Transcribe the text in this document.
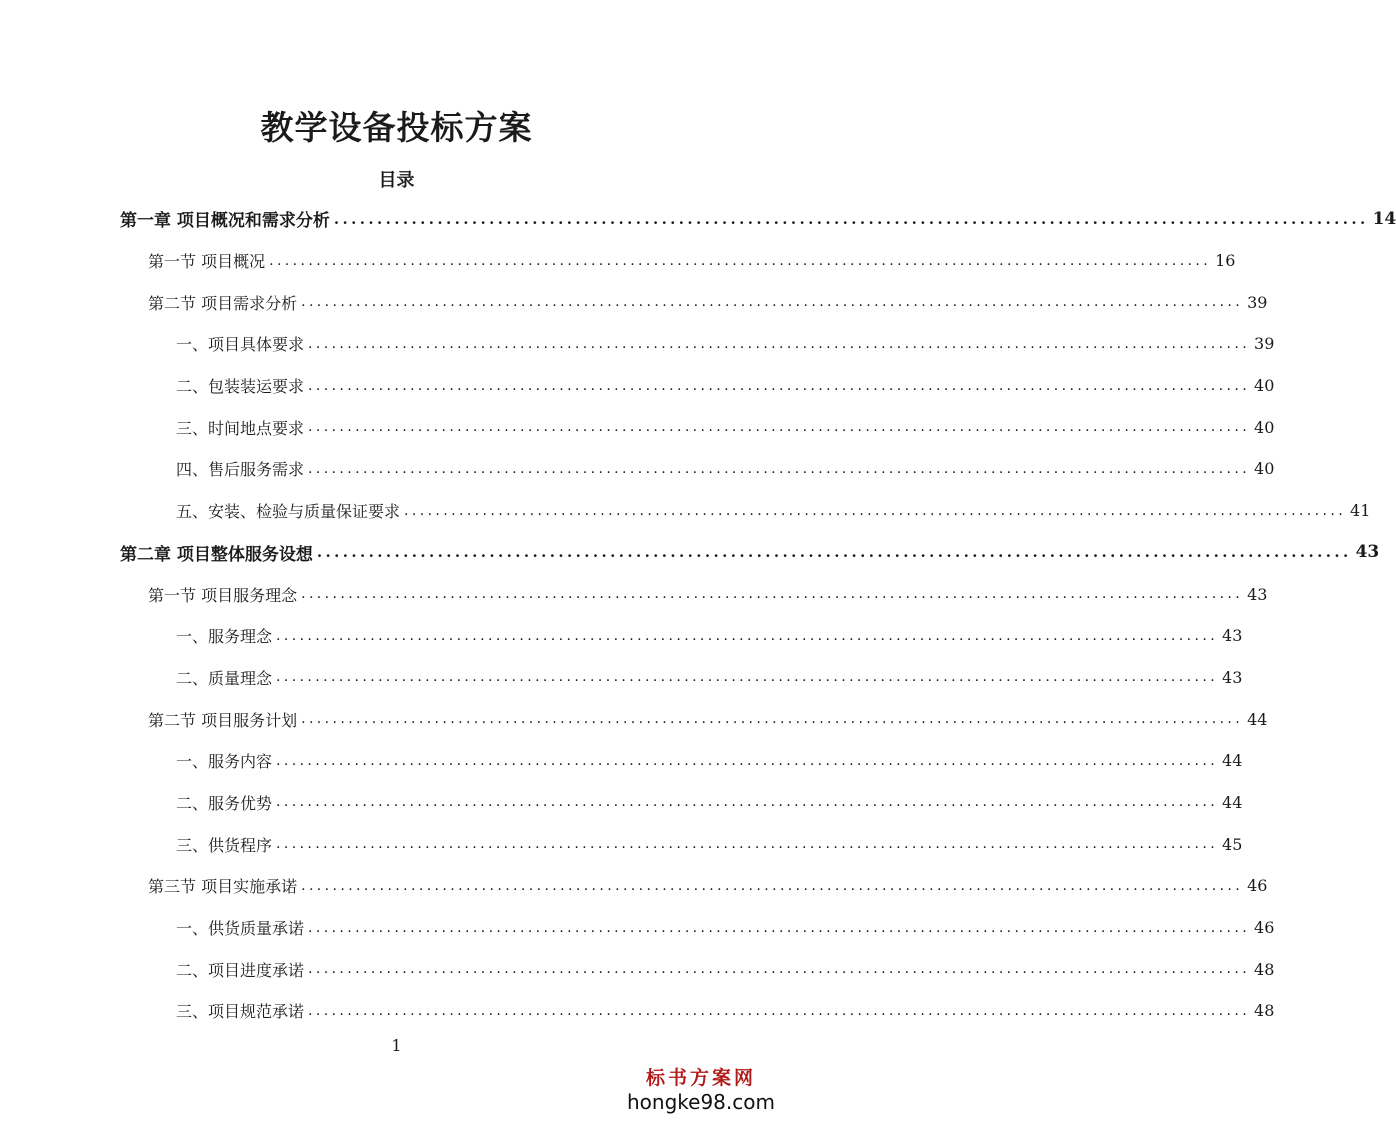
教学设备投标方案
目录
第一章 项目概况和需求分析 ........................................................................................................................ 14
第一节 项目概况 ........................................................................................................................ 16
第二节 项目需求分析 ........................................................................................................................ 39
一、项目具体要求 ........................................................................................................................ 39
二、包装装运要求 ........................................................................................................................ 40
三、时间地点要求 ........................................................................................................................ 40
四、售后服务需求 ........................................................................................................................ 40
五、安装、检验与质量保证要求 ........................................................................................................................ 41
第二章 项目整体服务设想 ........................................................................................................................ 43
第一节 项目服务理念 ........................................................................................................................ 43
一、服务理念 ........................................................................................................................ 43
二、质量理念 ........................................................................................................................ 43
第二节 项目服务计划 ........................................................................................................................ 44
一、服务内容 ........................................................................................................................ 44
二、服务优势 ........................................................................................................................ 44
三、供货程序 ........................................................................................................................ 45
第三节 项目实施承诺 ........................................................................................................................ 46
一、供货质量承诺 ........................................................................................................................ 46
二、项目进度承诺 ........................................................................................................................ 48
三、项目规范承诺 ........................................................................................................................ 48
1
标书方案网
hongke98.com
